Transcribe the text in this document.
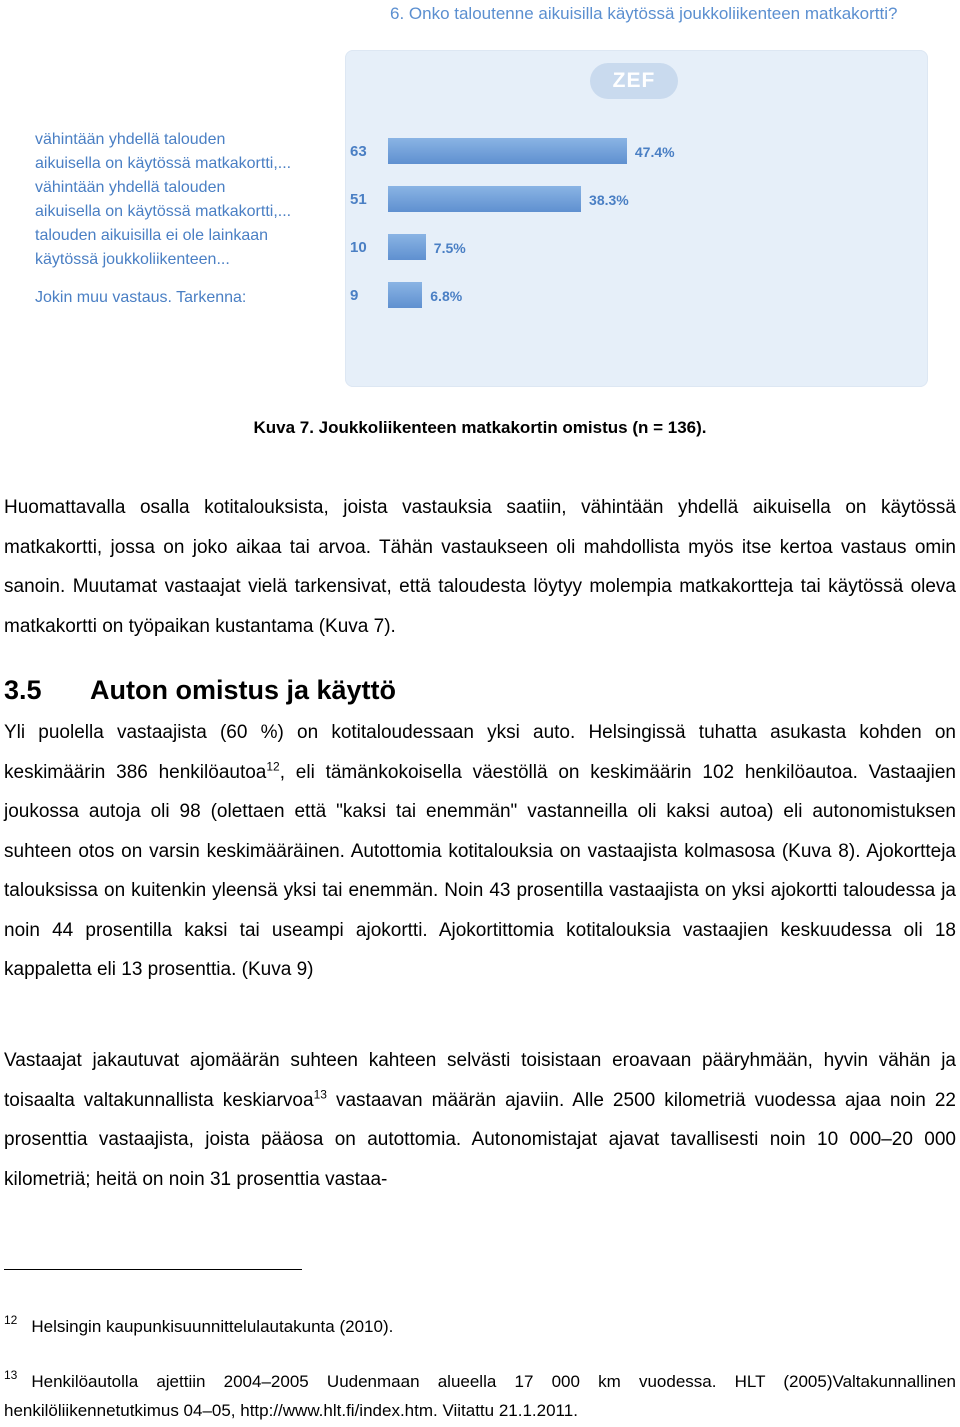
6. Onko taloutenne aikuisilla käytössä joukkoliikenteen matkakortti?
ZEF
vähintään yhdellä talouden
aikuisella on käytössä matkakortti,...
vähintään yhdellä talouden
aikuisella on käytössä matkakortti,...
talouden aikuisilla ei ole lainkaan
käytössä joukkoliikenteen...
Jokin muu vastaus. Tarkenna:
63	47.4%
51	38.3%
10	7.5%
9	6.8%
Kuva 7. Joukkoliikenteen matkakortin omistus (n = 136).

Huomattavalla osalla kotitalouksista, joista vastauksia saatiin, vähintään yhdellä aikuisella on käytössä matkakortti, jossa on joko aikaa tai arvoa. Tähän vastaukseen oli mahdollista myös itse kertoa vastaus omin sanoin. Muutamat vastaajat vielä tarkensivat, että taloudesta löytyy molempia matkakortteja tai käytössä oleva matkakortti on työpaikan kustantama (Kuva 7).

3.5 Auton omistus ja käyttö

Yli puolella vastaajista (60 %) on kotitaloudessaan yksi auto. Helsingissä tuhatta asukasta kohden on keskimäärin 386 henkilöautoa$^{12}$, eli tämänkokoisella väestöllä on keskimäärin 102 henkilöautoa. Vastaajien joukossa autoja oli 98 (olettaen että "kaksi tai enemmän" vastanneilla oli kaksi autoa) eli autonomistuksen suhteen otos on varsin keskimääräinen. Autottomia kotitalouksia on vastaajista kolmasosa (Kuva 8). Ajokortteja talouksissa on kuitenkin yleensä yksi tai enemmän. Noin 43 prosentilla vastaajista on yksi ajokortti taloudessa ja noin 44 prosentilla kaksi tai useampi ajokortti. Ajokortittomia kotitalouksia vastaajien keskuudessa oli 18 kappaletta eli 13 prosenttia. (Kuva 9)

Vastaajat jakautuvat ajomäärän suhteen kahteen selvästi toisistaan eroavaan pääryhmään, hyvin vähän ja toisaalta valtakunnallista keskiarvoa$^{13}$ vastaavan määrän ajaviin. Alle 2500 kilometriä vuodessa ajaa noin 22 prosenttia vastaajista, joista pääosa on autottomia. Autonomistajat ajavat tavallisesti noin 10 000–20 000 kilometriä; heitä on noin 31 prosenttia vastaa-

$^{12}$ Helsingin kaupunkisuunnittelulautakunta (2010).

$^{13}$ Henkilöautolla ajettiin 2004–2005 Uudenmaan alueella 17 000 km vuodessa. HLT (2005)Valtakunnallinen henkilöliikennetutkimus 04–05, http://www.hlt.fi/index.htm. Viitattu 21.1.2011.
